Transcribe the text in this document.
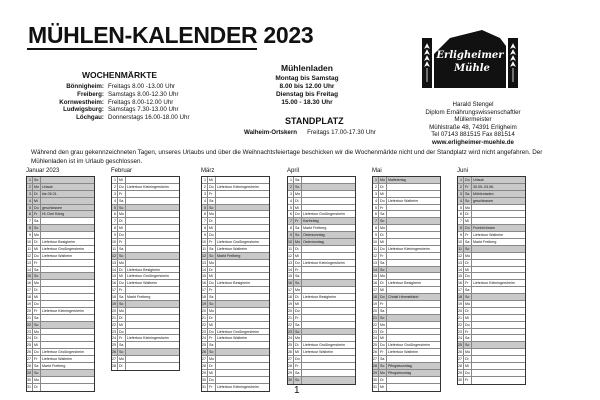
MÜHLEN-KALENDER 2023
WOCHENMÄRKTE
Bönnigheim: Freitags 8.00 -13.00 Uhr
Freiberg: Samstags 8.00-12.30 Uhr
Kornwestheim: Freitags 8.00-12.00 Uhr
Ludwigsburg: Samstags 7.30-13.00 Uhr
Löchgau: Donnerstags 16.00-18.00 Uhr
Mühlenladen
Montag bis Samstag
8.00 bis 12.00 Uhr
Dienstag bis Freitag
15.00 - 18.30 Uhr
STANDPLATZ
Walheim-Ortskern Freitags 17.00-17.30 Uhr
Erligheimer
Mühle
Harald Stengel
Diplom Ernährungswissenschaftler
Müllermeister
Mühlstraße 48, 74391 Erligheim
Tel 07143 881515 Fax 881514
www.erligheimer-muehle.de
Während den grau gekennzeichneten Tagen, unseres Urlaubs und über die Weihnachtsfeiertage beschicken wir die Wochenmärkte nicht und der Standplatz wird nicht angefahren. Der Mühlenladen ist im Urlaub geschlossen.
Januar 2023
1 So
2 Mo Urlaub
3 Di	bis 05.01.
4 Mi
5 Do geschlossen
6 Fr	Hl. Drei König
7 Sa
8 So
9 Mo
10 Di	Liefertour Besigheim
11 Mi	Liefertour Großingersheim
12 Do Liefertour Walheim
13 Fr
14 Sa
15 So
16 Mo
17 Di
18 Mi
19 Do
20 Fr	Liefertour Kleiningersheim
21 Sa
22 So
23 Mo
24 Di
25 Mi
26 Do Liefertour Großingersheim
27 Fr	Liefertour Walheim
28 Sa Markt Freiberg
29 So
30 Mo
31 Di
Februar
1 Mi
2 Do Liefertour Kleiningersheim
3 Fr
4 Sa
5 So
6 Mo
7 Di
8 Mi
9 Do
10 Fr
11 Sa
12 So
13 Mo
14 Di	Liefertour Besigheim
15 Mi	Liefertour Großingersheim
16 Do Liefertour Walheim
17 Fr
18 Sa Markt Freiberg
19 So
20 Mo
21 Di
22 Mi
23 Do
24 Fr	Liefertour Kleiningersheim
25 Sa
26 So
27 Mo
28 Di
März
1 Mi
2 Do Liefertour Kleiningersheim
3 Fr
4 Sa
5 So
6 Mo
7 Di
8 Mi
9 Do
10 Fr	Liefertour Großingersheim
11 Sa Liefertour Walheim
12 So Markt Freiberg
13 Mo
14 Di
15 Mi
16 Do Liefertour Besigheim
17 Fr
18 Sa
19 So
20 Mo
21 Di
22 Mi
23 Do Liefertour Großingersheim
24 Fr	Liefertour Walheim
25 Sa
26 So
27 Mo
28 Di
29 Mi
30 Do
31 Fr	Liefertour Kleiningersheim
April
1 Sa
2 So
3 Mo
4 Di
5 Mi
6 Do Liefertour Großingersheim
7 Fr	Karfreitag
8 Sa Markt Freiberg
9 So Ostersonntag
10 Mo Ostermontag
11 Di
12 Mi
13 Do Liefertour Kleiningersheim
14 Fr
15 Sa
16 So
17 Mo
18 Di	Liefertour Besigheim
19 Mi
20 Do
21 Fr
22 Sa
23 So
24 Mo
25 Di	Liefertour Großingersheim
26 Mi	Liefertour Walheim
27 Do
28 Fr
29 Sa
30 So
Mai
1 Mo Maifeiertag
2 Di
3 Mi
4 Do Liefertour Walheim
5 Fr
6 Sa
7 So
8 Mo
9 Di
10 Mi
11 Do Liefertour Kleiningersheim
12 Fr
13 Sa
14 So
15 Mo
16 Di	Liefertour Besigheim
17 Mi
18 Do Christi Himmelfahrt
19 Fr
20 Sa
21 So
22 Mo
23 Di
24 Mi
25 Do Liefertour Großingersheim
26 Fr	Liefertour Walheim
27 Sa
28 So Pfingstsonntag
29 Mo Pfingstmontag
30 Di
31 Mi
Juni
1 Do Urlaub
2 Fr	30.05.-03.06.
3 Sa Mühlenladen
4 So geschlossen
5 Mo
6 Di
7 Mi
8 Do Fronleichnam
9 Fr	Liefertour Walheim
10 Sa Markt Freiberg
11 So
12 Mo
13 Di
14 Mi
15 Do
16 Fr	Liefertour Kleiningersheim
17 Sa
18 So
19 Mo
20 Di
21 Mi
22 Do
23 Fr
24 Sa
25 So
26 Mo
27 Di
28 Mi
29 Do
30 Fr
1
